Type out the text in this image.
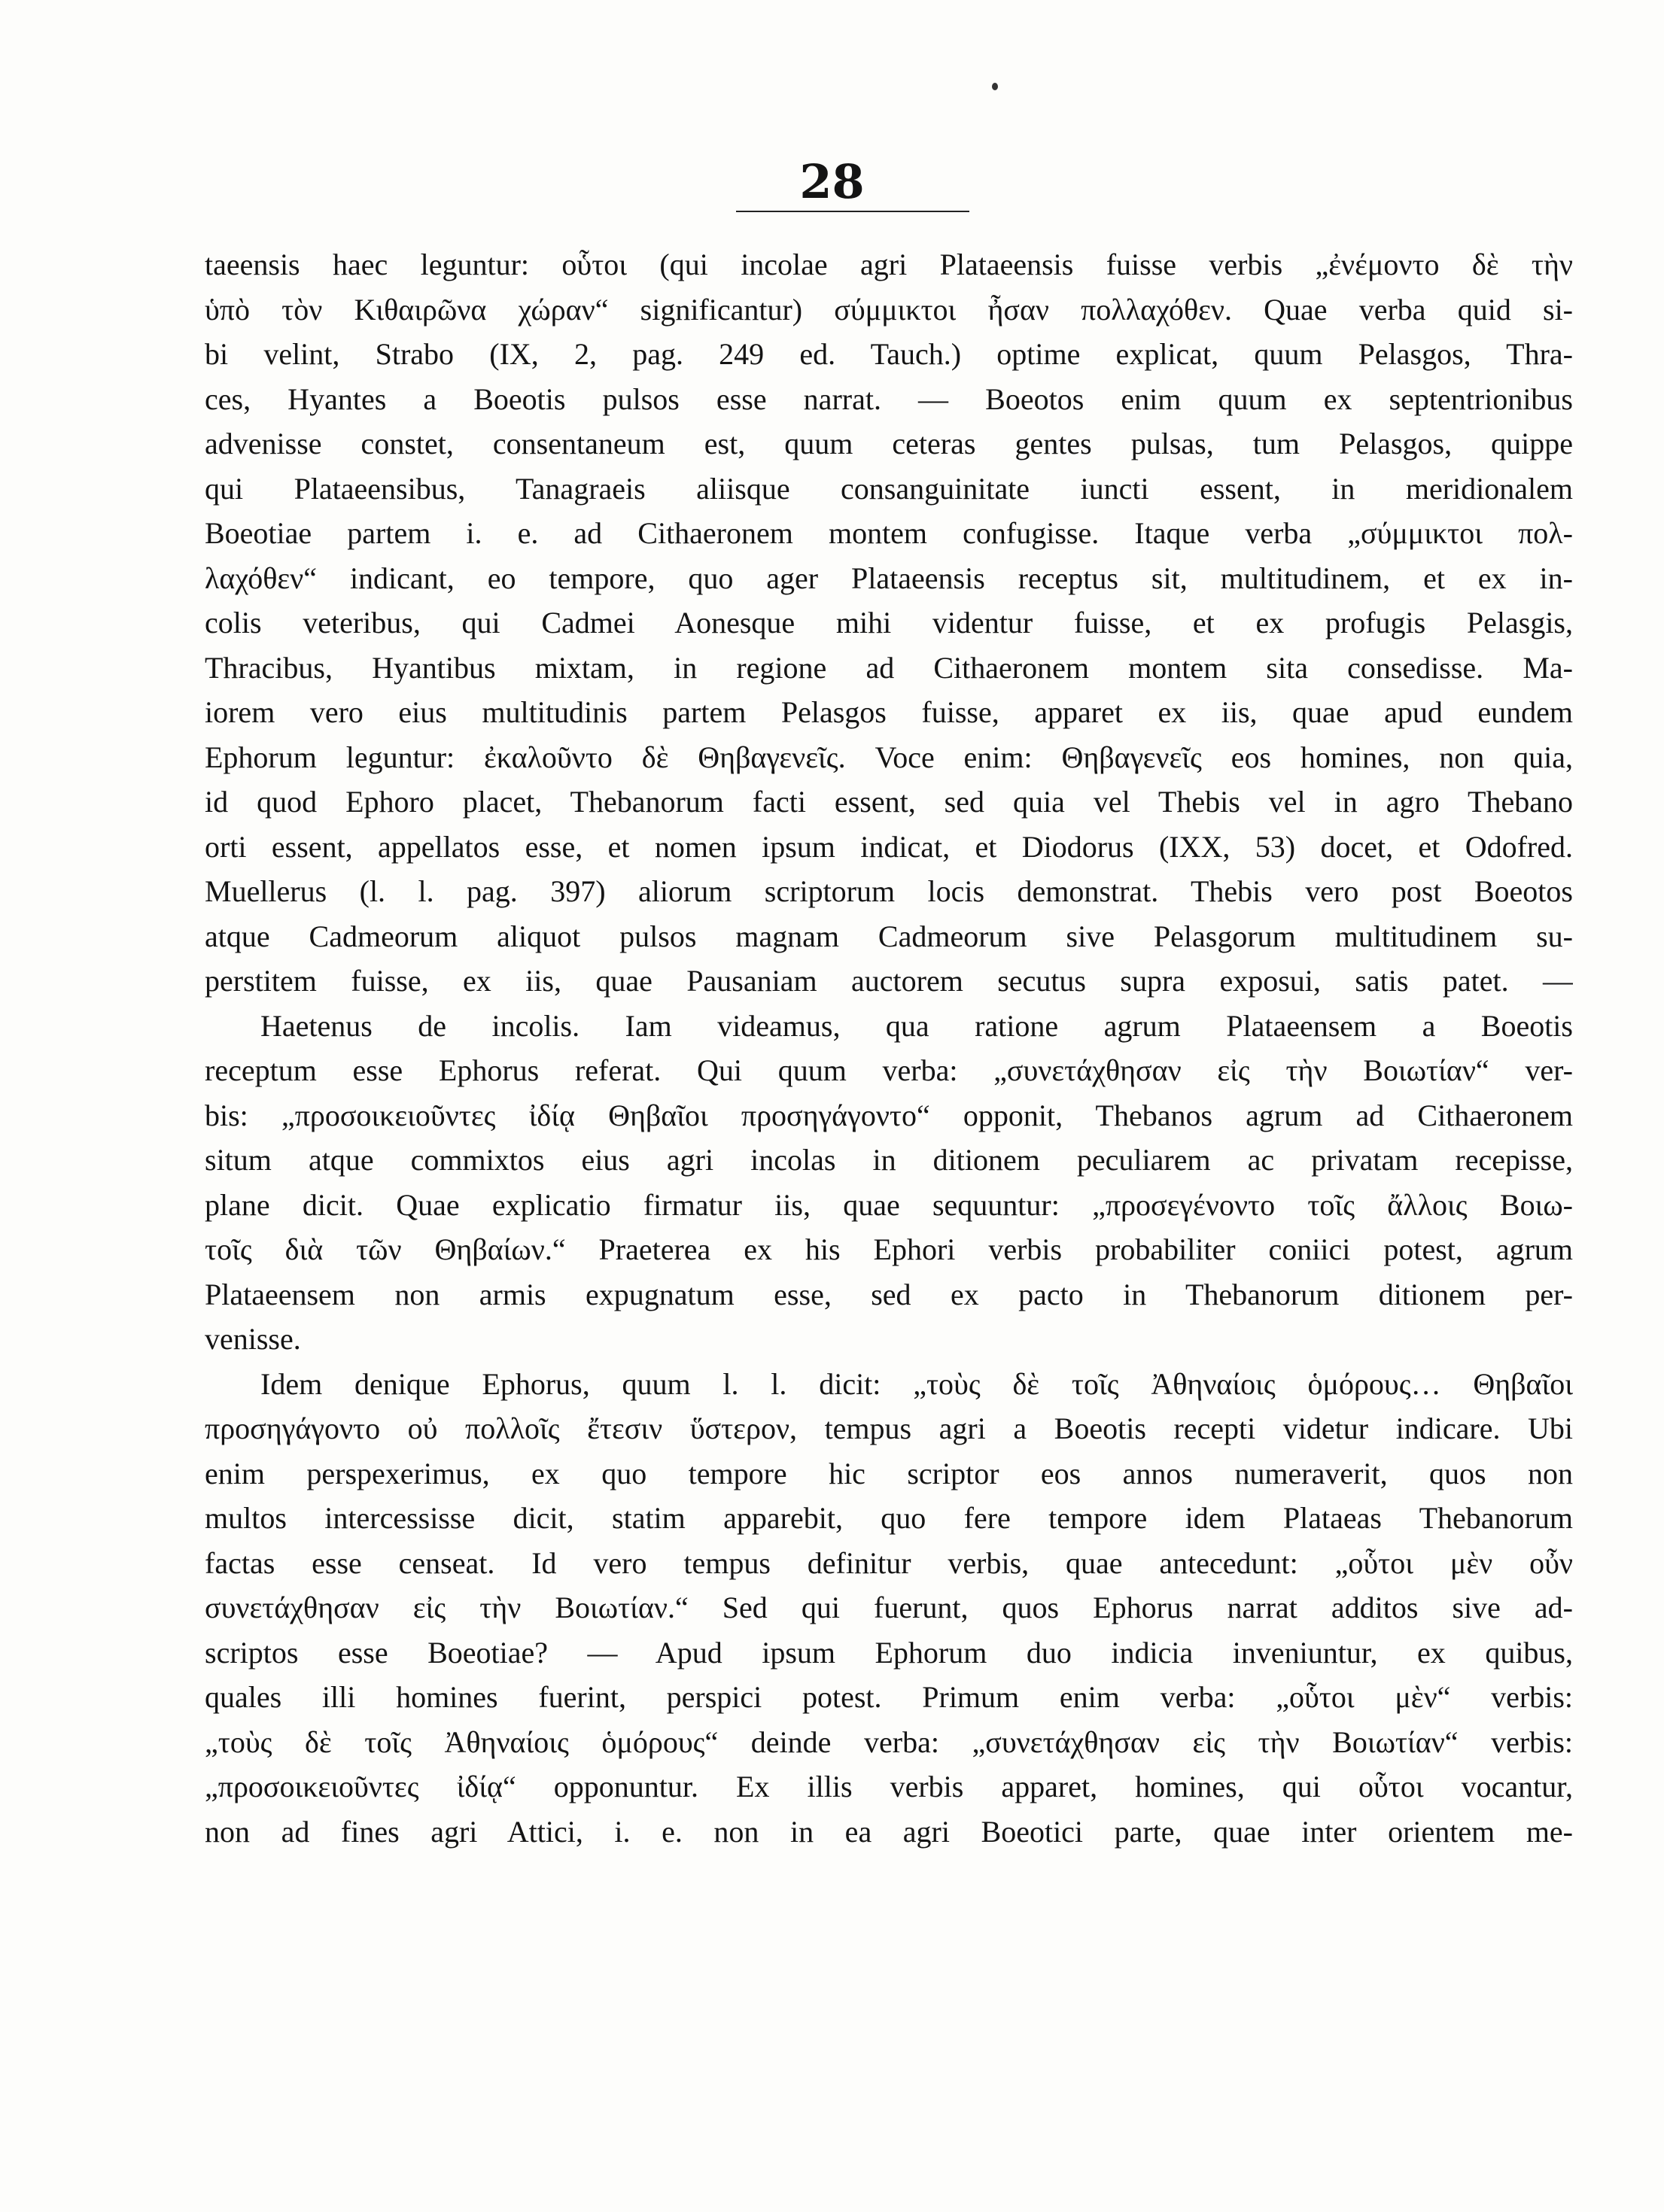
28
taeensis haec leguntur: οὗτοι (qui incolae agri Plataeensis fuisse verbis „ἐνέμοντο δὲ τὴν
ὑπὸ τὸν Κιθαιρῶνα χώραν“ significantur) σύμμικτοι ἦσαν πολλαχόθεν. Quae verba quid si-
bi velint, Strabo (IX, 2, pag. 249 ed. Tauch.) optime explicat, quum Pelasgos, Thra-
ces, Hyantes a Boeotis pulsos esse narrat. — Boeotos enim quum ex septentrionibus
advenisse constet, consentaneum est, quum ceteras gentes pulsas, tum Pelasgos, quippe
qui Plataeensibus, Tanagraeis aliisque consanguinitate iuncti essent, in meridionalem
Boeotiae partem i. e. ad Cithaeronem montem confugisse. Itaque verba „σύμμικτοι πολ-
λαχόθεν“ indicant, eo tempore, quo ager Plataeensis receptus sit, multitudinem, et ex in-
colis veteribus, qui Cadmei Aonesque mihi videntur fuisse, et ex profugis Pelasgis,
Thracibus, Hyantibus mixtam, in regione ad Cithaeronem montem sita consedisse. Ma-
iorem vero eius multitudinis partem Pelasgos fuisse, apparet ex iis, quae apud eundem
Ephorum leguntur: ἐκαλοῦντο δὲ Θηβαγενεῖς. Voce enim: Θηβαγενεῖς eos homines, non quia,
id quod Ephoro placet, Thebanorum facti essent, sed quia vel Thebis vel in agro Thebano
orti essent, appellatos esse, et nomen ipsum indicat, et Diodorus (IXX, 53) docet, et Odofred.
Muellerus (l. l. pag. 397) aliorum scriptorum locis demonstrat. Thebis vero post Boeotos
atque Cadmeorum aliquot pulsos magnam Cadmeorum sive Pelasgorum multitudinem su-
perstitem fuisse, ex iis, quae Pausaniam auctorem secutus supra exposui, satis patet. —
Haetenus de incolis. Iam videamus, qua ratione agrum Plataeensem a Boeotis
receptum esse Ephorus referat. Qui quum verba: „συνετάχθησαν εἰς τὴν Βοιωτίαν“ ver-
bis: „προσοικειοῦντες ἰδίᾳ Θηβαῖοι προσηγάγοντο“ opponit, Thebanos agrum ad Cithaeronem
situm atque commixtos eius agri incolas in ditionem peculiarem ac privatam recepisse,
plane dicit. Quae explicatio firmatur iis, quae sequuntur: „προσεγένοντο τοῖς ἄλλοις Βοιω-
τοῖς διὰ τῶν Θηβαίων.“ Praeterea ex his Ephori verbis probabiliter coniici potest, agrum
Plataeensem non armis expugnatum esse, sed ex pacto in Thebanorum ditionem per-
venisse.
Idem denique Ephorus, quum l. l. dicit: „τοὺς δὲ τοῖς Ἀθηναίοις ὁμόρους… Θηβαῖοι
προσηγάγοντο οὐ πολλοῖς ἔτεσιν ὕστερον, tempus agri a Boeotis recepti videtur indicare. Ubi
enim perspexerimus, ex quo tempore hic scriptor eos annos numeraverit, quos non
multos intercessisse dicit, statim apparebit, quo fere tempore idem Plataeas Thebanorum
factas esse censeat. Id vero tempus definitur verbis, quae antecedunt: „οὗτοι μὲν οὖν
συνετάχθησαν εἰς τὴν Βοιωτίαν.“ Sed qui fuerunt, quos Ephorus narrat additos sive ad-
scriptos esse Boeotiae? — Apud ipsum Ephorum duo indicia inveniuntur, ex quibus,
quales illi homines fuerint, perspici potest. Primum enim verba: „οὗτοι μὲν“ verbis:
„τοὺς δὲ τοῖς Ἀθηναίοις ὁμόρους“ deinde verba: „συνετάχθησαν εἰς τὴν Βοιωτίαν“ verbis:
„προσοικειοῦντες ἰδίᾳ“ opponuntur. Ex illis verbis apparet, homines, qui οὗτοι vocantur,
non ad fines agri Attici, i. e. non in ea agri Boeotici parte, quae inter orientem me-
